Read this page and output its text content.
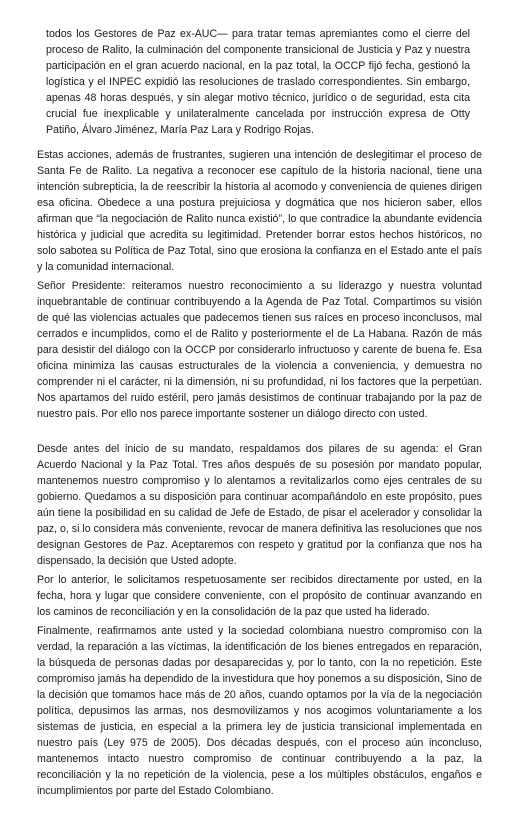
todos los Gestores de Paz ex-AUC— para tratar temas apremiantes como el cierre del proceso de Ralito, la culminación del componente transicional de Justicia y Paz y nuestra participación en el gran acuerdo nacional, en la paz total, la OCCP fijó fecha, gestionó la logística y el INPEC expidió las resoluciones de traslado correspondientes. Sin embargo, apenas 48 horas después, y sin alegar motivo técnico, jurídico o de seguridad, esta cita crucial fue inexplicable y unilateralmente cancelada por instrucción expresa de Otty Patiño, Álvaro Jiménez, María Paz Lara y Rodrigo Rojas.

Estas acciones, además de frustrantes, sugieren una intención de deslegitimar el proceso de Santa Fe de Ralito. La negativa a reconocer ese capítulo de la historia nacional, tiene una intención subrepticia, la de reescribir la historia al acomodo y conveniencia de quienes dirigen esa oficina. Obedece a una postura prejuiciosa y dogmática que nos hicieron saber, ellos afirman que “la negociación de Ralito nunca existió”, lo que contradice la abundante evidencia histórica y judicial que acredita su legitimidad. Pretender borrar estos hechos históricos, no solo sabotea su Política de Paz Total, sino que erosiona la confianza en el Estado ante el país y la comunidad internacional.

Señor Presidente: reiteramos nuestro reconocimiento a su liderazgo y nuestra voluntad inquebrantable de continuar contribuyendo a la Agenda de Paz Total. Compartimos su visión de qué las violencias actuales que padecemos tienen sus raíces en proceso inconclusos, mal cerrados e incumplidos, como el de Ralito y posteriormente el de La Habana. Razón de más para desistir del diálogo con la OCCP por considerarlo infructuoso y carente de buena fe. Esa oficina minimiza las causas estructurales de la violencia a conveniencia, y demuestra no comprender ni el carácter, ni la dimensión, ni su profundidad, ni los factores que la perpetúan. Nos apartamos del ruido estéril, pero jamás desistimos de continuar trabajando por la paz de nuestro país. Por ello nos parece importante sostener un diálogo directo con usted.

Desde antes del inicio de su mandato, respaldamos dos pilares de su agenda: el Gran Acuerdo Nacional y la Paz Total. Tres años después de su posesión por mandato popular, mantenemos nuestro compromiso y lo alentamos a revitalizarlos como ejes centrales de su gobierno. Quedamos a su disposición para continuar acompañándolo en este propósito, pues aún tiene la posibilidad en su calidad de Jefe de Estado, de pisar el acelerador y consolidar la paz, o, si lo considera más conveniente, revocar de manera definitiva las resoluciones que nos designan Gestores de Paz. Aceptaremos con respeto y gratitud por la confianza que nos ha dispensado, la decisión que Usted adopte.

Por lo anterior, le solicitamos respetuosamente ser recibidos directamente por usted, en la fecha, hora y lugar que considere conveniente, con el propósito de continuar avanzando en los caminos de reconciliación y en la consolidación de la paz que usted ha liderado.

Finalmente, reafirmamos ante usted y la sociedad colombiana nuestro compromiso con la verdad, la reparación a las víctimas, la identificación de los bienes entregados en reparación, la búsqueda de personas dadas por desaparecidas y, por lo tanto, con la no repetición. Este compromiso jamás ha dependido de la investidura que hoy ponemos a su disposición, Sino de la decisión que tomamos hace más de 20 años, cuando optamos por la vía de la negociación política, depusimos las armas, nos desmovilizamos y nos acogimos voluntariamente a los sistemas de justicia, en especial a la primera ley de justicia transicional implementada en nuestro país (Ley 975 de 2005). Dos décadas después, con el proceso aún inconcluso, mantenemos intacto nuestro compromiso de continuar contribuyendo a la paz, la reconciliación y la no repetición de la violencia, pese a los múltiples obstáculos, engaños e incumplimientos por parte del Estado Colombiano.
